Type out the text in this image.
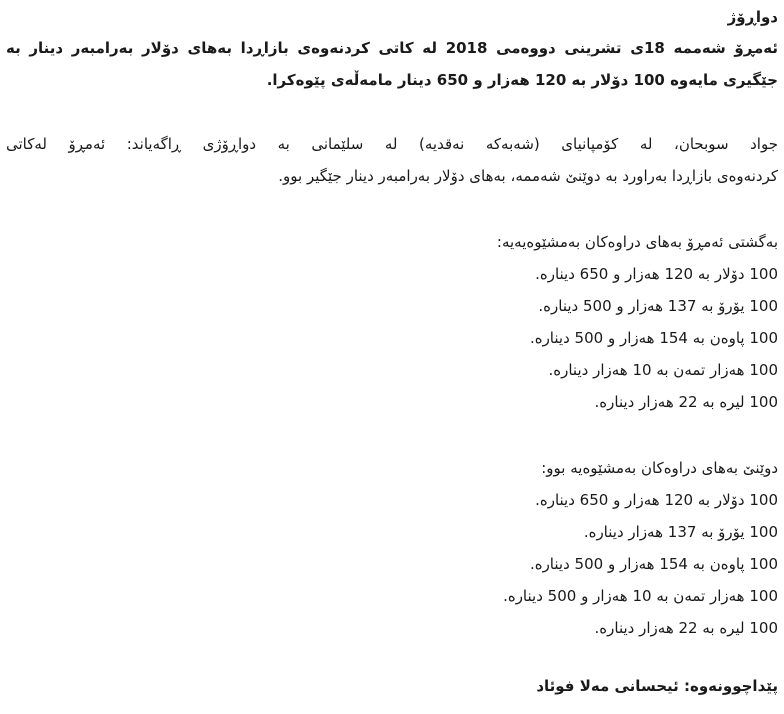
دواڕۆژ
ئەمڕۆ شەممە 18ی تشرینی دووەمی 2018 لە کاتی کردنەوەی بازاڕدا بەهای دۆلار بەرامبەر دینار بە
جێگیری مایەوە 100 دۆلار بە 120 هەزار و 650 دینار مامەڵەی پێوەکرا.
جواد سوبحان، لە کۆمپانیای (شەبەکە نەقدیە) لە سلێمانی بە دواڕۆژی ڕاگەیاند: ئەمڕۆ لەکاتی
کردنەوەی بازاڕدا بەراورد بە دوێنێ شەممە، بەهای دۆلار بەرامبەر دینار جێگیر بوو.
بەگشتی ئەمڕۆ بەهای دراوەکان بەمشێوەیەیە:
100 دۆلار بە 120 هەزار و 650 دینارە.
100 یۆرۆ بە 137 هەزار و 500 دینارە.
100 پاوەن بە 154 هەزار و 500 دینارە.
100 هەزار تمەن بە 10 هەزار دینارە.
100 لیرە بە 22 هەزار دینارە.
دوێنێ بەهای دراوەکان بەمشێوەیە بوو:
100 دۆلار بە 120 هەزار و 650 دینارە.
100 یۆرۆ بە 137 هەزار دینارە.
100 پاوەن بە 154 هەزار و 500 دینارە.
100 هەزار تمەن بە 10 هەزار و 500 دینارە.
100 لیرە بە 22 هەزار دینارە.
پێداچوونەوە: ئیحسانی مەلا فوئاد
